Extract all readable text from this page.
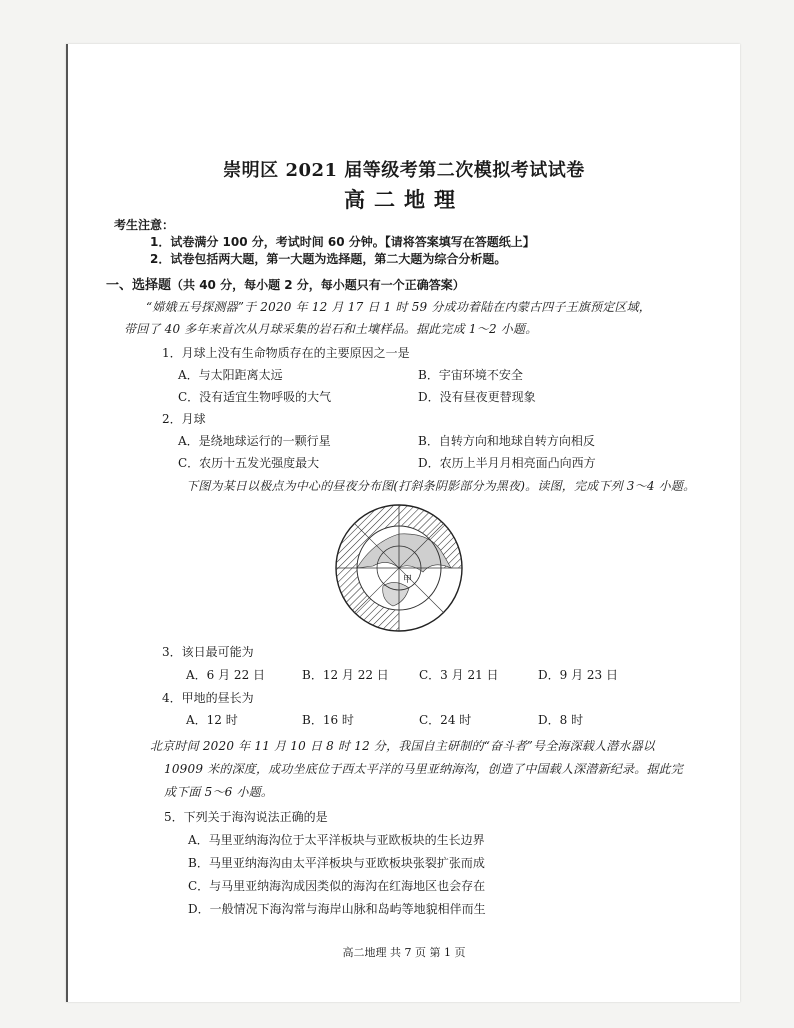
崇明区 2021 届等级考第二次模拟考试试卷
高二地理
考生注意：
1．试卷满分 100 分，考试时间 60 分钟。【请将答案填写在答题纸上】
2．试卷包括两大题，第一大题为选择题，第二大题为综合分析题。
一、选择题（共 40 分，每小题 2 分，每小题只有一个正确答案）
“嫦娥五号探测器”于 2020 年 12 月 17 日 1 时 59 分成功着陆在内蒙古四子王旗预定区域，
带回了 40 多年来首次从月球采集的岩石和土壤样品。据此完成 1～2 小题。
1．月球上没有生命物质存在的主要原因之一是
A．与太阳距离太远	B．宇宙环境不安全
C．没有适宜生物呼吸的大气	D．没有昼夜更替现象
2．月球
A．是绕地球运行的一颗行星	B．自转方向和地球自转方向相反
C．农历十五发光强度最大	D．农历上半月月相亮面凸向西方
下图为某日以极点为中心的昼夜分布图(打斜条阴影部分为黑夜)。读图，完成下列 3～4 小题。
甲
3．该日最可能为
A．6 月 22 日	B．12 月 22 日	C．3 月 21 日	D．9 月 23 日
4．甲地的昼长为
A．12 时	B．16 时	C．24 时	D．8 时
北京时间 2020 年 11 月 10 日 8 时 12 分，我国自主研制的“奋斗者”号全海深载人潜水器以
10909 米的深度，成功坐底位于西太平洋的马里亚纳海沟，创造了中国载人深潜新纪录。据此完
成下面 5～6 小题。
5．下列关于海沟说法正确的是
A．马里亚纳海沟位于太平洋板块与亚欧板块的生长边界
B．马里亚纳海沟由太平洋板块与亚欧板块张裂扩张而成
C．与马里亚纳海沟成因类似的海沟在红海地区也会存在
D．一般情况下海沟常与海岸山脉和岛屿等地貌相伴而生
高二地理 共 7 页 第 1 页
